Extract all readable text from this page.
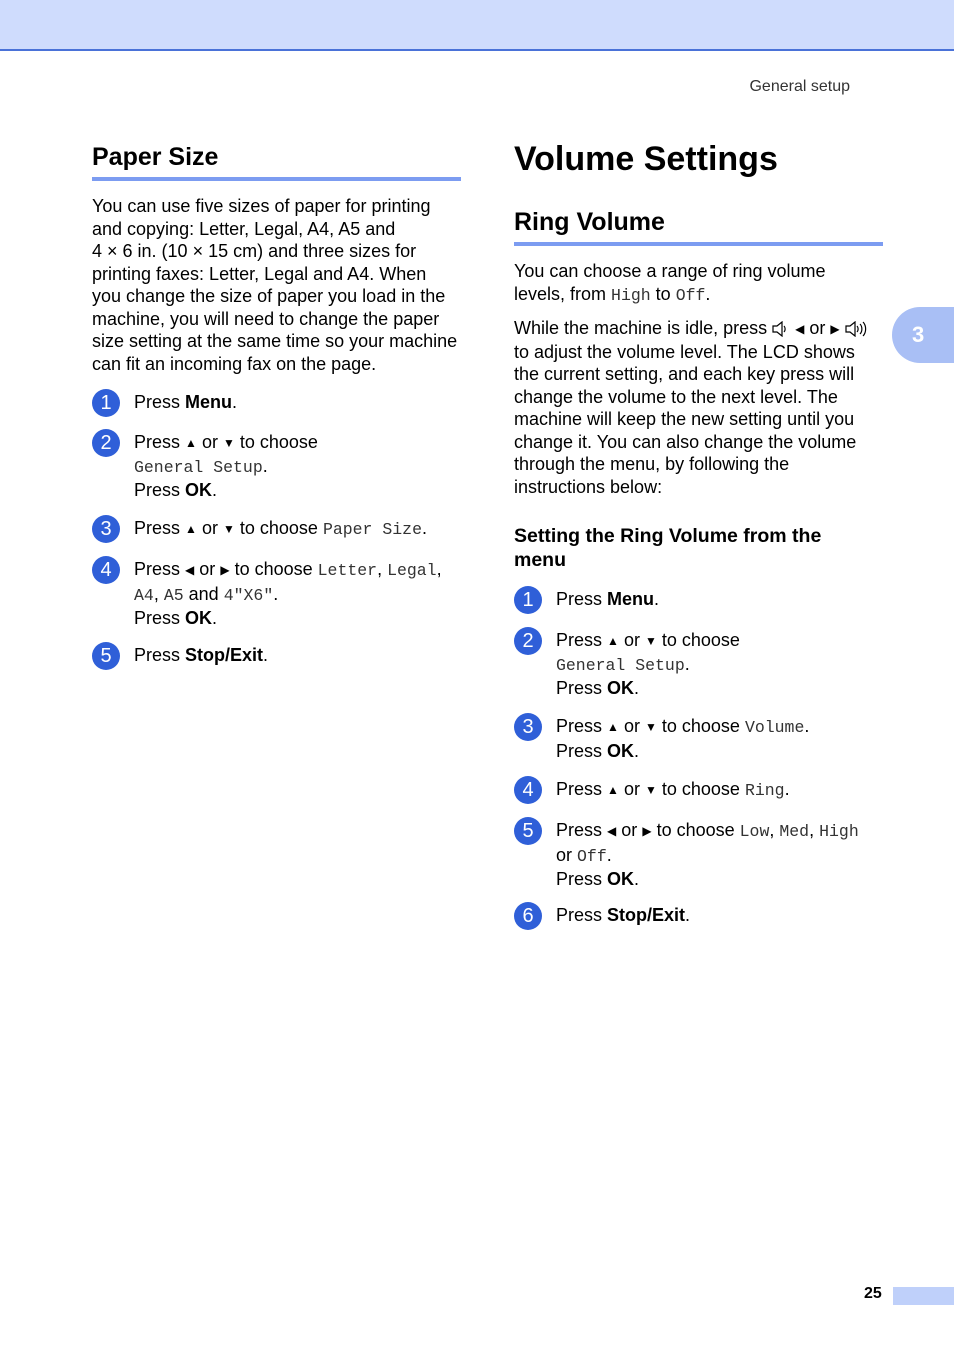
General setup
3
Paper Size
You can use five sizes of paper for printing
and copying: Letter, Legal, A4, A5 and
4 × 6 in. (10 × 15 cm) and three sizes for
printing faxes: Letter, Legal and A4. When
you change the size of paper you load in the
machine, you will need to change the paper
size setting at the same time so your machine
can fit an incoming fax on the page.
1	Press Menu.
2	Press ▲ or ▼ to choose
General Setup.
Press OK.
3	Press ▲ or ▼ to choose Paper Size.
4	Press ◀ or ▶ to choose Letter, Legal,
A4, A5 and 4"X6".
Press OK.
5	Press Stop/Exit.
Volume Settings
Ring Volume
You can choose a range of ring volume
levels, from High to Off.
While the machine is idle, press ◀ or ▶
to adjust the volume level. The LCD shows
the current setting, and each key press will
change the volume to the next level. The
machine will keep the new setting until you
change it. You can also change the volume
through the menu, by following the
instructions below:
Setting the Ring Volume from the
menu
1	Press Menu.
2	Press ▲ or ▼ to choose
General Setup.
Press OK.
3	Press ▲ or ▼ to choose Volume.
Press OK.
4	Press ▲ or ▼ to choose Ring.
5	Press ◀ or ▶ to choose Low, Med, High
or Off.
Press OK.
6	Press Stop/Exit.
25
